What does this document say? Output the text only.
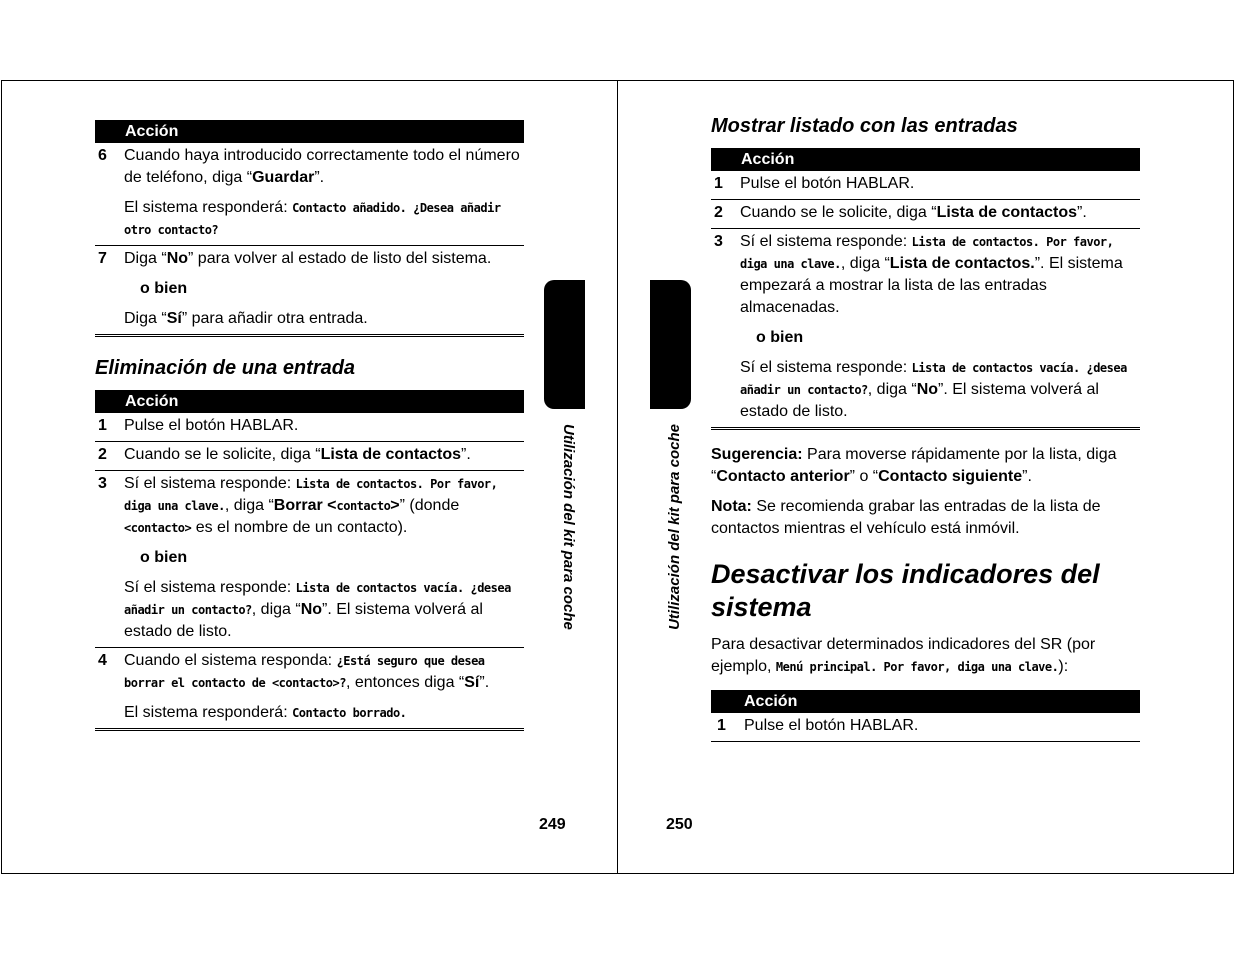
Acción
6	Cuando haya introducido correctamente todo el número de teléfono, diga “Guardar”.

El sistema responderá: Contacto añadido. ¿Desea añadir otro contacto?

7	Diga “No” para volver al estado de listo del sistema.

o bien

Diga “Sí” para añadir otra entrada.

Eliminación de una entrada
Acción
1	Pulse el botón HABLAR.
2	Cuando se le solicite, diga “Lista de contactos”.
3	Sí el sistema responde: Lista de contactos. Por favor, diga una clave., diga “Borrar <contacto>” (donde <contacto> es el nombre de un contacto).

o bien

Sí el sistema responde: Lista de contactos vacía. ¿desea añadir un contacto?, diga “No”. El sistema volverá al estado de listo.

4	Cuando el sistema responda: ¿Está seguro que desea borrar el contacto de <contacto>?, entonces diga “Sí”.

El sistema responderá: Contacto borrado.

Utilización del kit para coche
249
Mostrar listado con las entradas
Acción
1	Pulse el botón HABLAR.
2	Cuando se le solicite, diga “Lista de contactos”.
3	Sí el sistema responde: Lista de contactos. Por favor, diga una clave., diga “Lista de contactos.”. El sistema empezará a mostrar la lista de las entradas almacenadas.

o bien

Sí el sistema responde: Lista de contactos vacía. ¿desea añadir un contacto?, diga “No”. El sistema volverá al estado de listo.

Sugerencia: Para moverse rápidamente por la lista, diga “Contacto anterior” o “Contacto siguiente”.

Nota: Se recomienda grabar las entradas de la lista de contactos mientras el vehículo está inmóvil.

Desactivar los indicadores del sistema

Para desactivar determinados indicadores del SR (por ejemplo, Menú principal. Por favor, diga una clave.):

Acción
1	Pulse el botón HABLAR.
Utilización del kit para coche
250
